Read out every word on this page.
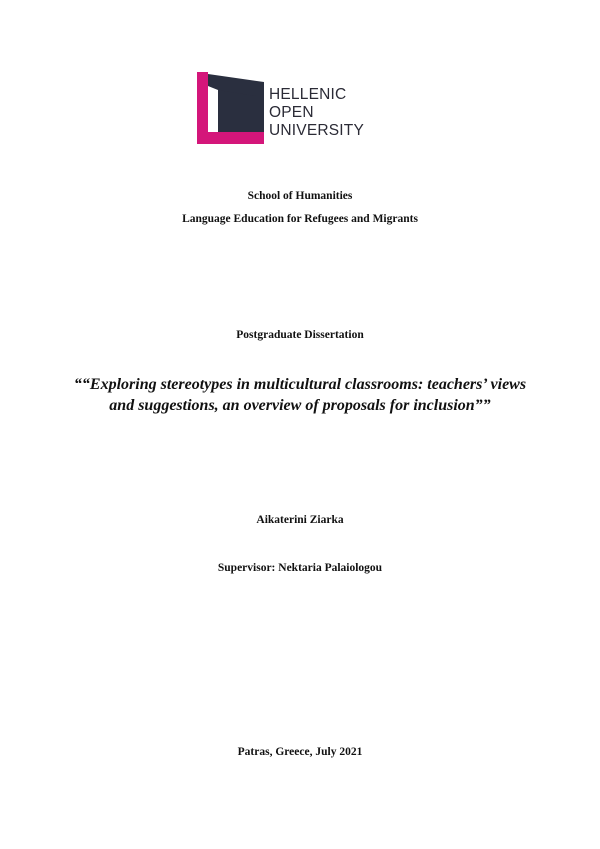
HELLENIC
OPEN
UNIVERSITY
School of Humanities
Language Education for Refugees and Migrants
Postgraduate Dissertation
““Exploring stereotypes in multicultural classrooms: teachers’ views
and suggestions, an overview of proposals for inclusion””
Aikaterini Ziarka
Supervisor: Nektaria Palaiologou
Patras, Greece, July 2021
